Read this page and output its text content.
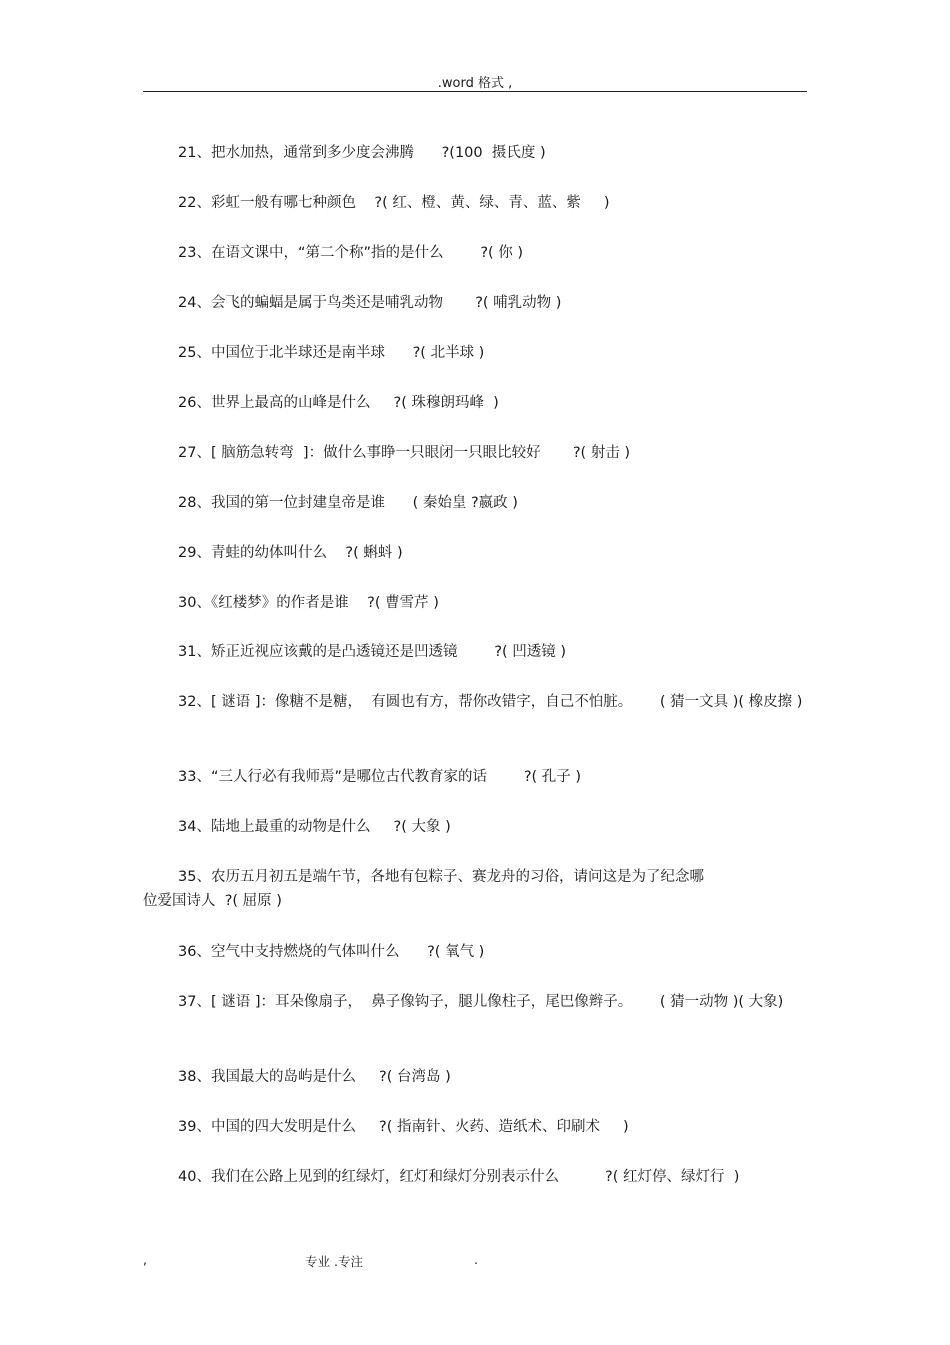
.word 格式 ,
21、把水加热，通常到多少度会沸腾      ?(100  摄氏度 )
22、彩虹一般有哪七种颜色    ?( 红、橙、黄、绿、青、蓝、紫     )
23、在语文课中，“第二个称”指的是什么        ?( 你 )
24、会飞的蝙蝠是属于鸟类还是哺乳动物       ?( 哺乳动物 )
25、中国位于北半球还是南半球      ?( 北半球 )
26、世界上最高的山峰是什么     ?( 珠穆朗玛峰  )
27、[ 脑筋急转弯  ]：做什么事睁一只眼闭一只眼比较好       ?( 射击 )
28、我国的第一位封建皇帝是谁      ( 秦始皇 ?嬴政 )
29、青蛙的幼体叫什么    ?( 蝌蚪 )
30、《红楼梦》的作者是谁    ?( 曹雪芹 )
31、矫正近视应该戴的是凸透镜还是凹透镜        ?( 凹透镜 )
32、[ 谜语 ]：像糖不是糖，  有圆也有方，帮你改错字，自己不怕脏。      ( 猜一文具 )( 橡皮擦 )
33、“三人行必有我师焉”是哪位古代教育家的话        ?( 孔子 )
34、陆地上最重的动物是什么     ?( 大象 )
35、农历五月初五是端午节，各地有包粽子、赛龙舟的习俗，请问这是为了纪念哪
位爱国诗人  ?( 屈原 )
36、空气中支持燃烧的气体叫什么      ?( 氧气 )
37、[ 谜语 ]：耳朵像扇子，  鼻子像钩子，腿儿像柱子，尾巴像辫子。      ( 猜一动物 )( 大象)
38、我国最大的岛屿是什么     ?( 台湾岛 )
39、中国的四大发明是什么     ?( 指南针、火药、造纸术、印刷术     )
40、我们在公路上见到的红绿灯，红灯和绿灯分别表示什么          ?( 红灯停、绿灯行  )
,	专业 .专注	.
